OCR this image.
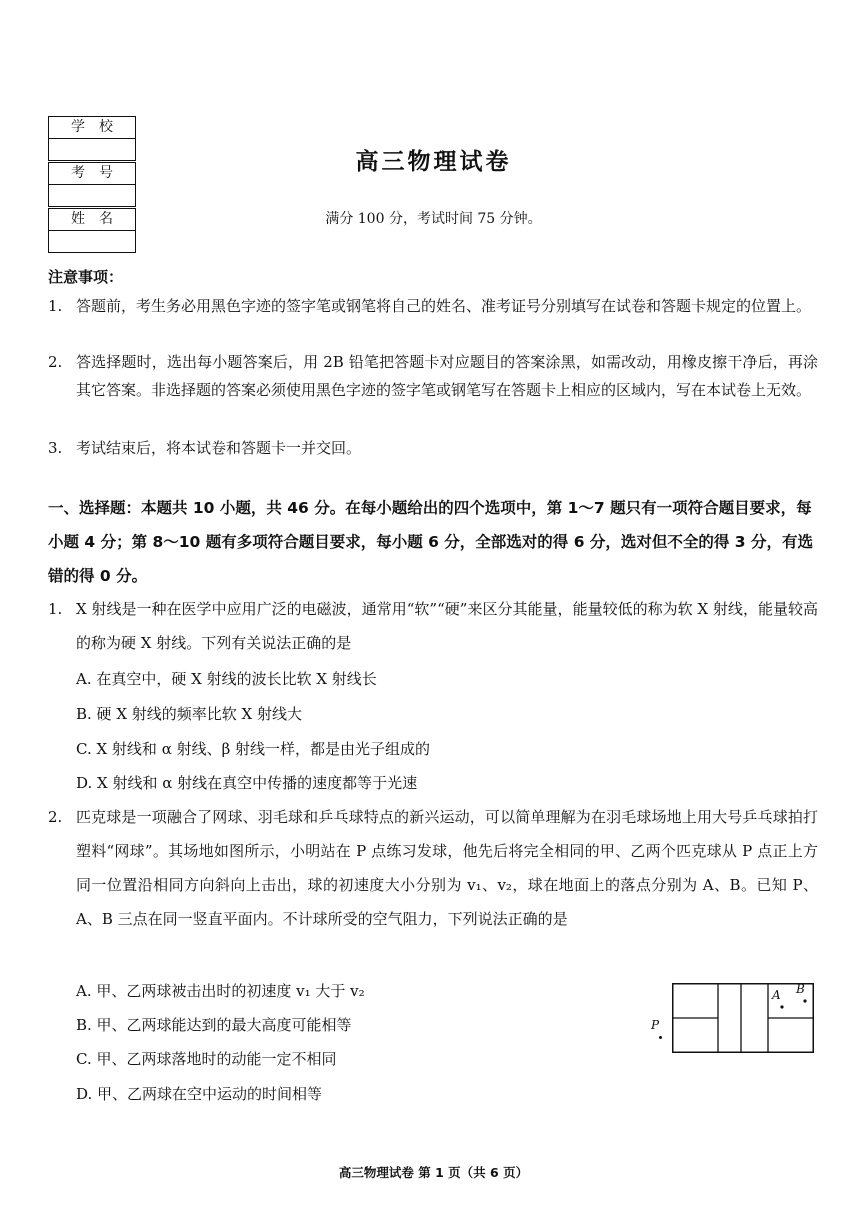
学校
考号
姓名
高三物理试卷
满分 100 分，考试时间 75 分钟。
注意事项：
1. 答题前，考生务必用黑色字迹的签字笔或钢笔将自己的姓名、准考证号分别填写在试卷和答题卡规定的位置上。
2. 答选择题时，选出每小题答案后，用 2B 铅笔把答题卡对应题目的答案涂黑，如需改动，用橡皮擦干净后，再涂其它答案。非选择题的答案必须使用黑色字迹的签字笔或钢笔写在答题卡上相应的区域内，写在本试卷上无效。
3. 考试结束后，将本试卷和答题卡一并交回。
一、选择题：本题共 10 小题，共 46 分。在每小题给出的四个选项中，第 1～7 题只有一项符合题目要求，每小题 4 分；第 8～10 题有多项符合题目要求，每小题 6 分，全部选对的得 6 分，选对但不全的得 3 分，有选错的得 0 分。
1. X 射线是一种在医学中应用广泛的电磁波，通常用“软”“硬”来区分其能量，能量较低的称为软 X 射线，能量较高的称为硬 X 射线。下列有关说法正确的是
A. 在真空中，硬 X 射线的波长比软 X 射线长
B. 硬 X 射线的频率比软 X 射线大
C. X 射线和 α 射线、β 射线一样，都是由光子组成的
D. X 射线和 α 射线在真空中传播的速度都等于光速
2. 匹克球是一项融合了网球、羽毛球和乒乓球特点的新兴运动，可以简单理解为在羽毛球场地上用大号乒乓球拍打塑料“网球”。其场地如图所示，小明站在 P 点练习发球，他先后将完全相同的甲、乙两个匹克球从 P 点正上方同一位置沿相同方向斜向上击出，球的初速度大小分别为 v₁、v₂，球在地面上的落点分别为 A、B。已知 P、A、B 三点在同一竖直平面内。不计球所受的空气阻力，下列说法正确的是
A. 甲、乙两球被击出时的初速度 v₁ 大于 v₂
B. 甲、乙两球能达到的最大高度可能相等
C. 甲、乙两球落地时的动能一定不相同
D. 甲、乙两球在空中运动的时间相等
P
A B
高三物理试卷 第 1 页（共 6 页）
